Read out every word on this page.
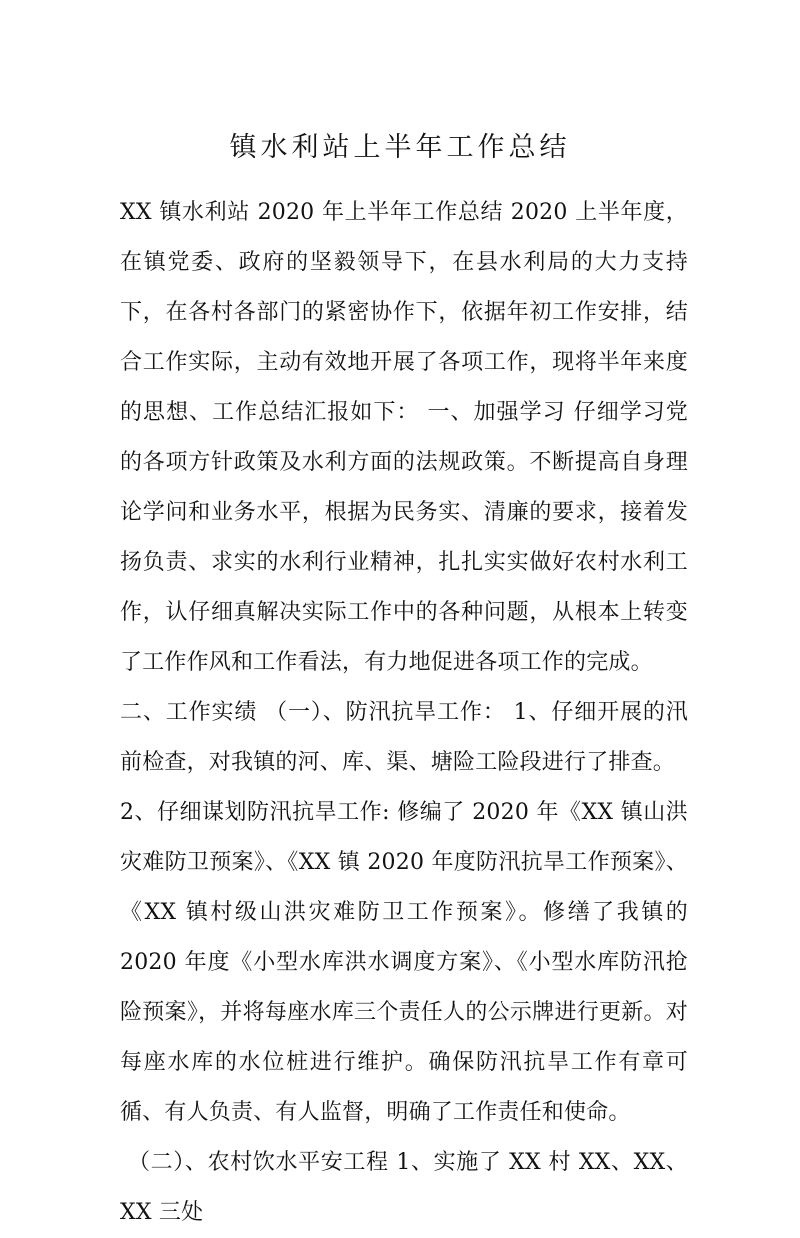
镇水利站上半年工作总结

XX 镇水利站 2020 年上半年工作总结 2020 上半年度，在镇党委、政府的坚毅领导下，在县水利局的大力支持下，在各村各部门的紧密协作下，依据年初工作安排，结合工作实际，主动有效地开展了各项工作，现将半年来度的思想、工作总结汇报如下： 一、加强学习 仔细学习党的各项方针政策及水利方面的法规政策。不断提高自身理论学问和业务水平，根据为民务实、清廉的要求，接着发扬负责、求实的水利行业精神，扎扎实实做好农村水利工作，认仔细真解决实际工作中的各种问题，从根本上转变了工作作风和工作看法，有力地促进各项工作的完成。

二、工作实绩 （一）、防汛抗旱工作： 1、仔细开展的汛前检查，对我镇的河、库、渠、塘险工险段进行了排查。

2、仔细谋划防汛抗旱工作: 修编了 2020 年《XX 镇山洪灾难防卫预案》、《XX 镇 2020 年度防汛抗旱工作预案》、《XX 镇村级山洪灾难防卫工作预案》。修缮了我镇的 2020 年度《小型水库洪水调度方案》、《小型水库防汛抢险预案》，并将每座水库三个责任人的公示牌进行更新。对每座水库的水位桩进行维护。确保防汛抗旱工作有章可循、有人负责、有人监督，明确了工作责任和使命。

（二）、农村饮水平安工程 1、实施了 XX 村 XX、XX、XX 三处
